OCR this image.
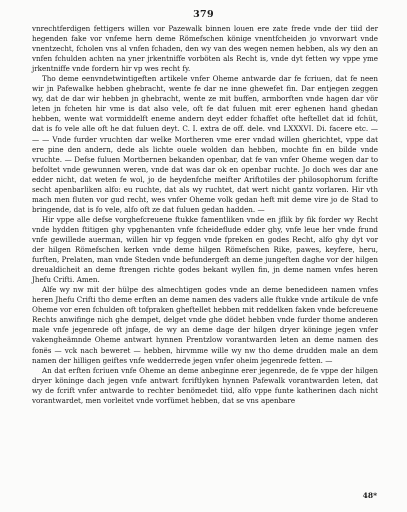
379

vnrechtferdigen fettigers willen vor Pazewalk binnen louen ere zate frede vnde der tiid der hegenden fake vor vnfeme hern deme Römefschen könige vnentfcheiden jo vnvorwart vnde vnentzecht, fcholen vns al vnfen fchaden, den wy van des wegen nemen hebben, als wy den an vnfen fchulden achten na yner jrkentniffe vorböten als Recht is, vnde dyt fetten wy vppe yme jrkentniffe vnde fordern hir vp wes recht fy.

Tho deme eenvndetwintigeften artikele vnfer Oheme antwarde dar fe fcriuen, dat fe neen wir jn Pafewalke hebben ghebracht, wente fe dar ne inne ghewefet fin. Dar entjegen zeggen wy, dat de dar wir hebben jn ghebracht, wente ze mit buffen, armborften vnde hagen dar vör leten jn fcheten hir vme is dat also vele, oft fe dat fuluen mit erer eghenen hand ghedan hebben, wente wat vormiddelft eneme andern deyt edder fchaffet ofte heftellet dat id fchüt, dat is fo vele alle oft he dat fuluen deyt. C. I. extra de off. dele. vnd LXXXVI. Di. facere etc. — — — Vnde furder vruchten dar welke Mortheren vme erer vndad willen gherichtet, vppe dat ere pine den andern, dede als lichte ouele wolden dan hebben, mochte fin en bilde vnde vruchte. — Defse fuluen Mortbernen bekanden openbar, dat fe van vnfer Oheme wegen dar to befoltet vnde gewunnen weren, vnde dat was dar ok en openbar ruchte. Jo doch wes dar ane edder nicht, dat weten fe wol, jo de heydenfche meifter Ariftotiles der philosophorum fcrifte secht apenbarliken alfo: eu ruchte, dat als wy ruchtet, dat wert nicht gantz vorlaren. Hir vth mach men fluten vor gud recht, wes vnfer Oheme volk gedan heft mit deme vire jo de Stad to bringende, dat is fo vele, alfo oft ze dat fuluen gedan hadden. —

Hir vppe alle defse vorghefcreuene ftukke famentliken vnde en jflik by fik forder wy Recht vnde hydden ftitigen ghy vpghenanten vnfe fcheideflude edder ghy, vnfe leue her vnde frund vnfe gewillede auerman, willen hir vp feggen vnde fpreken en godes Recht, alfo ghy dyt vor der hilgen Römefschen kerken vnde deme hilgen Römefschen Rike, pawes, keyfere, heru, furften, Prelaten, man vnde Steden vnde befundergeft an deme jungeften daghe vor der hilgen dreualdicheit an deme ftrengen richte godes bekant wyllen fin, jn deme namen vnfes heren Jhefu Crifti. Amen.

Alfe wy nw mit der hülpe des almechtigen godes vnde an deme benedideen namen vnfes heren Jhefu Crifti tho deme erften an deme namen des vaders alle ftukke vnde artikule de vnfe Oheme vor eren fchulden oft tofpraken gheftellet hebben mit reddelken faken vnde befcreuene Rechts anwifinge nich ghe dempet, delget vnde ghe dödet hebben vnde furder thome anderen male vnfe jegenrede oft jnfage, de wy an deme dage der hilgen dryer köninge jegen vnfer vakengheämnde Oheme antwart hynnen Prentzlow vorantwarden leten an deme namen des fonës — vck nach beweret — hebben, hirvmme wille wy nw tho deme drudden male an dem namen der hilligen geiftes vnfe wedderrede jegen vnfer oheim jegenrede fetten. —

An dat erften fcriuen vnfe Oheme an deme anbeginne erer jegenrede, de fe vppe der hilgen dryer köninge dach jegen vnfe antwart fcriftlyken hynnen Pafewalk vorantwarden leten, dat wy de fcrift vnfer antwarde to rechter benömedet tiid, alfo vppe funte katherinen dach nicht vorantwardet, men vorleitet vnde vorfümet hebben, dat se vns apenbare

48*
